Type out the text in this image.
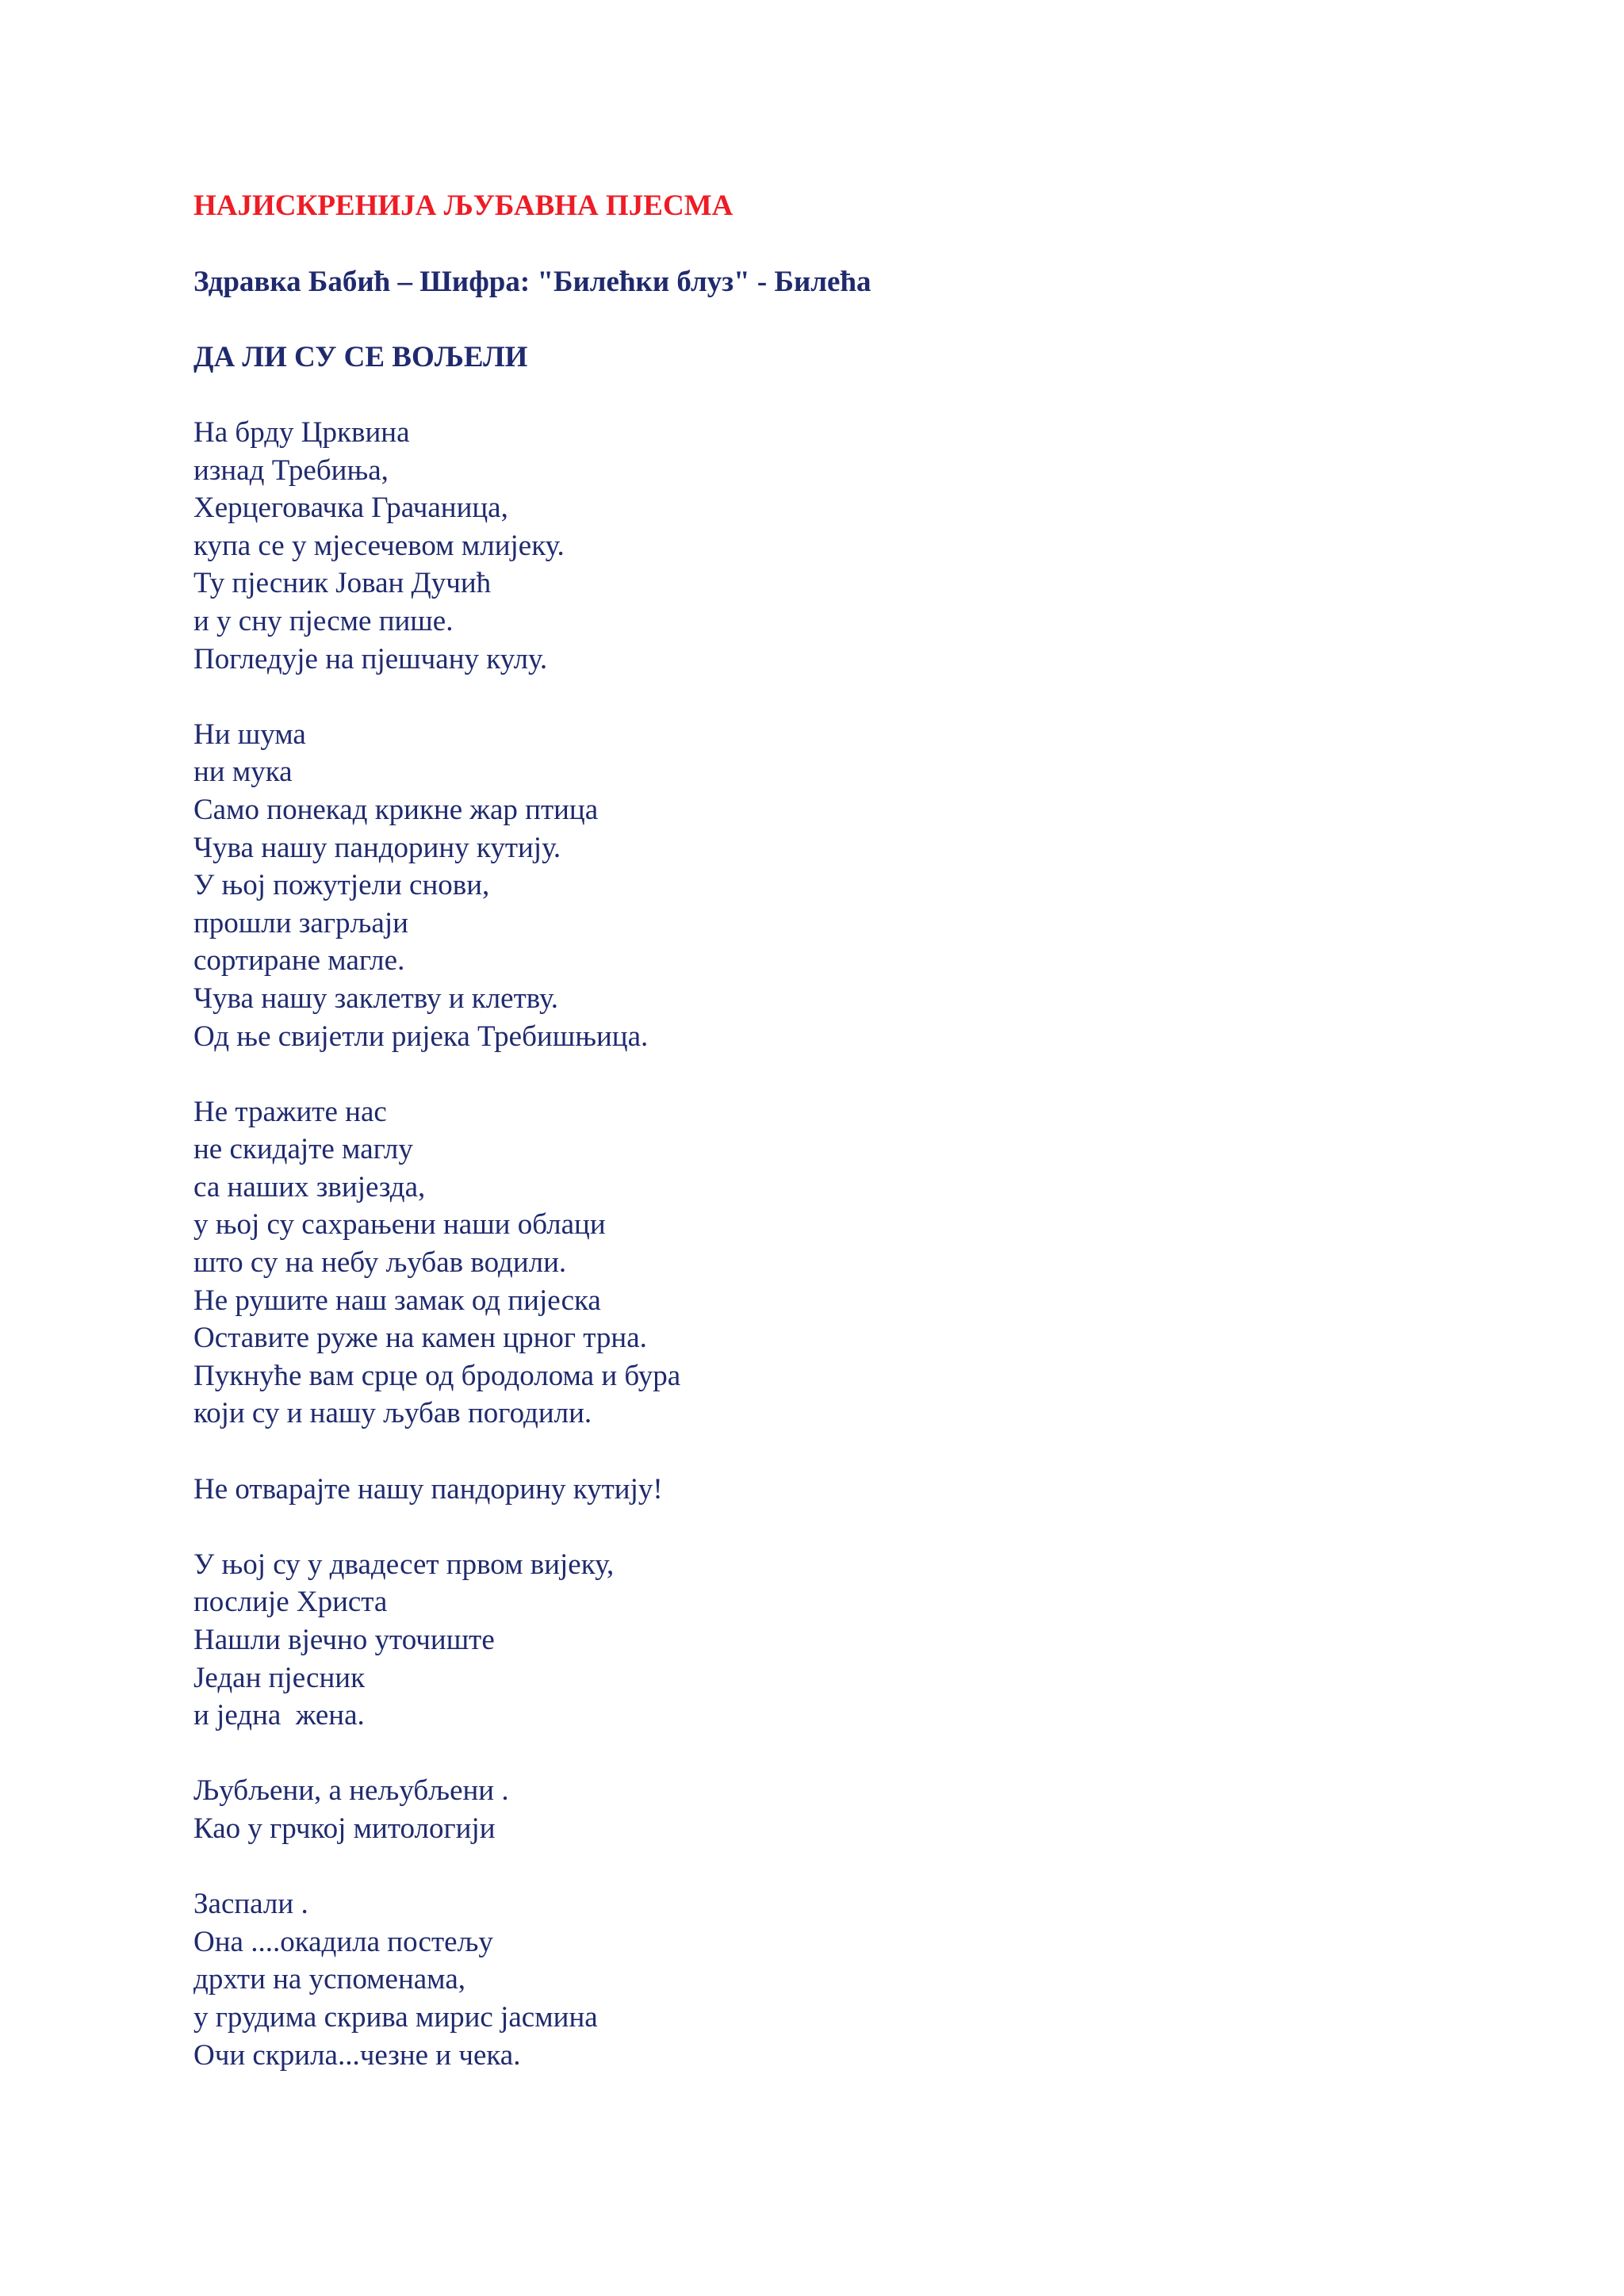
НАЈИСКРЕНИЈА ЉУБАВНА ПЈЕСМА
Здравка Бабић – Шифра: "Билећки блуз" - Билећа
ДА ЛИ СУ СЕ ВОЉЕЛИ
На брду Црквина
изнад Требиња,
Херцеговачка Грачаница,
купа се у мјесечевом млијеку.
Ту пјесник Јован Дучић
и у сну пјесме пише.
Погледује на пјешчану кулу.
Ни шума
ни мука
Само понекад крикне жар птица
Чува нашу пандорину кутију.
У њој пожутјели снови,
прошли загрљаји
сортиране магле.
Чува нашу заклетву и клетву.
Од ње свијетли ријека Требишњица.
Не тражите нас
не скидајте маглу
са наших звијезда,
у њој су сахрањени наши облаци
што су на небу љубав водили.
Не рушите наш замак од пијеска
Оставите руже на камен црног трна.
Пукнуће вам срце од бродолома и бура
који су и нашу љубав погодили.
Не отварајте нашу пандорину кутију!
У њој су у двадесет првом вијеку,
послије Христа
Нашли вјечно уточиште
Један пјесник
и једна  жена.
Љубљени, а нељубљени .
Као у грчкој митологији
Заспали .
Она ....окадила постељу
дрхти на успоменама,
у грудима скрива мирис јасмина
Очи скрила...чезне и чека.
